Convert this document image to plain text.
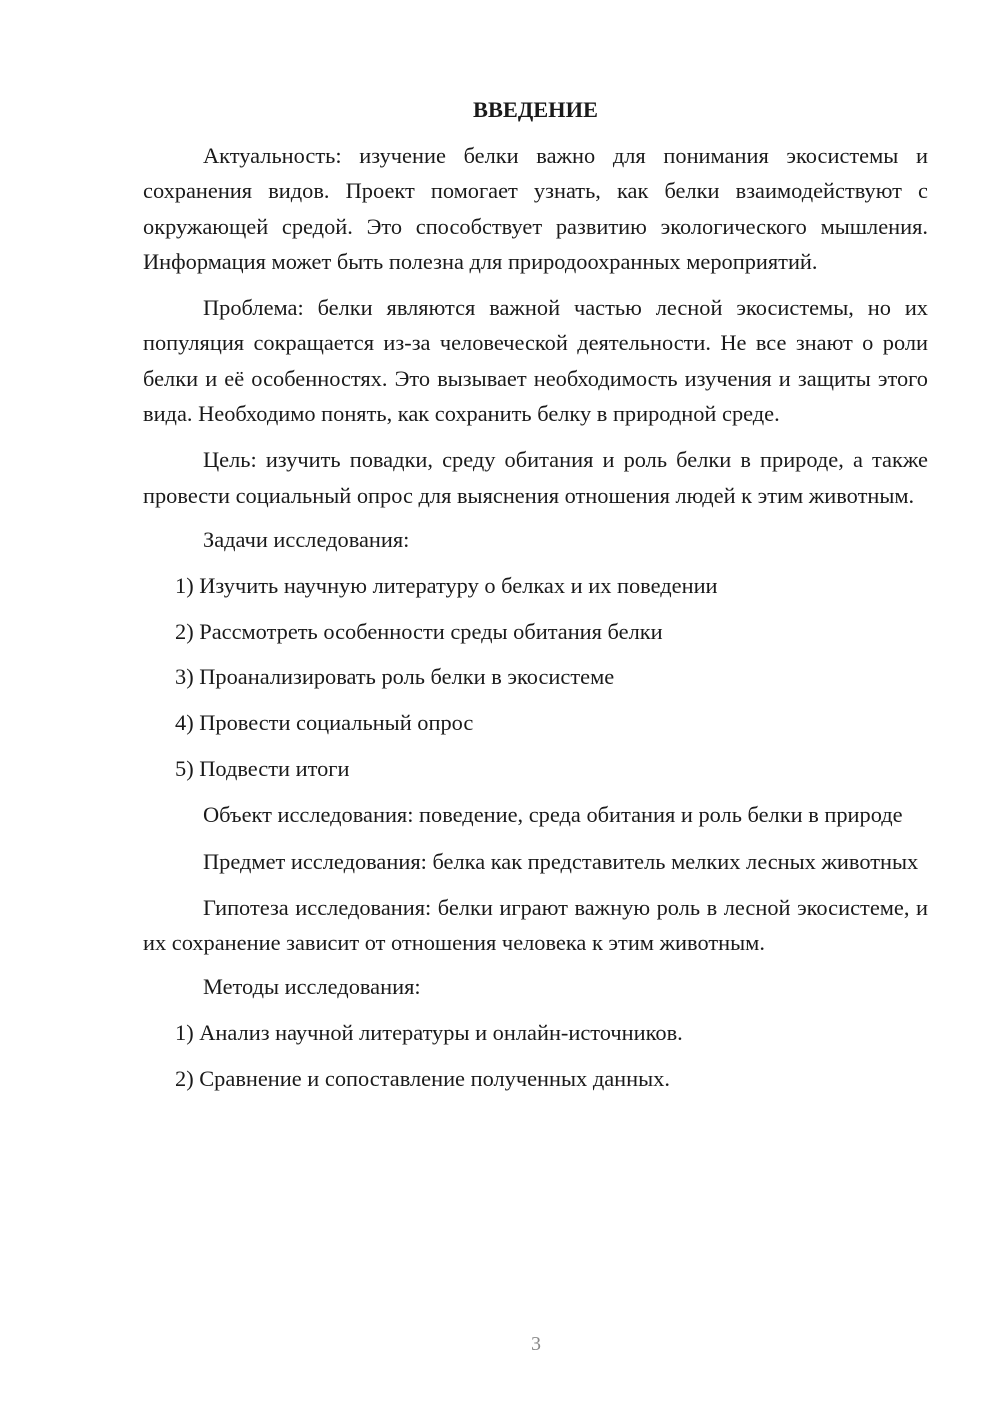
ВВЕДЕНИЕ

Актуальность: изучение белки важно для понимания экосистемы и сохранения видов. Проект помогает узнать, как белки взаимодействуют с окружающей средой. Это способствует развитию экологического мышления. Информация может быть полезна для природоохранных мероприятий.

Проблема: белки являются важной частью лесной экосистемы, но их популяция сокращается из-за человеческой деятельности. Не все знают о роли белки и её особенностях. Это вызывает необходимость изучения и защиты этого вида. Необходимо понять, как сохранить белку в природной среде.

Цель: изучить повадки, среду обитания и роль белки в природе, а также провести социальный опрос для выяснения отношения людей к этим животным.

Задачи исследования:

1) Изучить научную литературу о белках и их поведении
2) Рассмотреть особенности среды обитания белки
3) Проанализировать роль белки в экосистеме
4) Провести социальный опрос
5) Подвести итоги

Объект исследования: поведение, среда обитания и роль белки в природе

Предмет исследования: белка как представитель мелких лесных животных

Гипотеза исследования: белки играют важную роль в лесной экосистеме, и их сохранение зависит от отношения человека к этим животным.

Методы исследования:

1) Анализ научной литературы и онлайн-источников.
2) Сравнение и сопоставление полученных данных.
3
